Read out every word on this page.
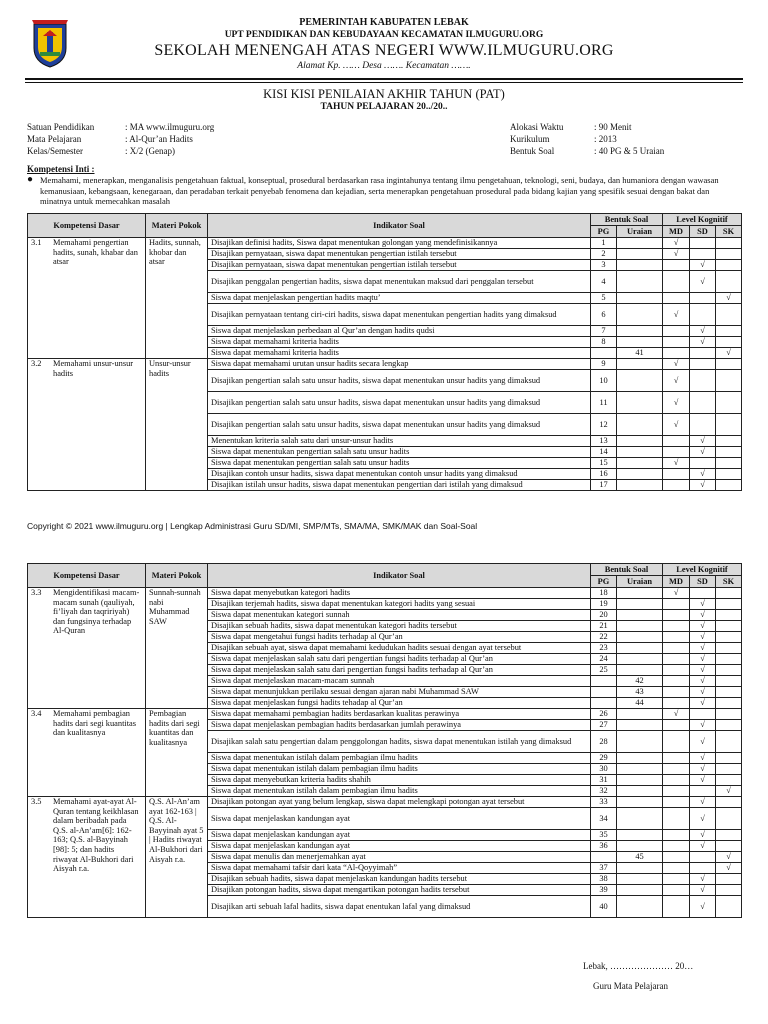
PEMERINTAH KABUPATEN LEBAK
UPT PENDIDIKAN DAN KEBUDAYAAN KECAMATAN ILMUGURU.ORG
SEKOLAH MENENGAH ATAS NEGERI WWW.ILMUGURU.ORG
Alamat Kp. …… Desa ……. Kecamatan …….
KISI KISI PENILAIAN AKHIR TAHUN (PAT)
TAHUN PELAJARAN 20../20..
Satuan Pendidikan	: MA www.ilmuguru.org
Mata Pelajaran	: Al-Qur’an Hadits
Kelas/Semester	: X/2 (Genap)
Alokasi Waktu	: 90 Menit
Kurikulum	: 2013
Bentuk Soal	: 40 PG & 5 Uraian
Kompetensi Inti :
● Memahami, menerapkan, menganalisis pengetahuan faktual, konseptual, prosedural berdasarkan rasa ingintahunya tentang ilmu pengetahuan, teknologi, seni, budaya, dan humaniora dengan wawasan kemanusiaan, kebangsaan, kenegaraan, dan peradaban terkait penyebab fenomena dan kejadian, serta menerapkan pengetahuan prosedural pada bidang kajian yang spesifik sesuai dengan bakat dan minatnya untuk memecahkan masalah
Kompetensi Dasar	Materi Pokok	Indikator Soal	Bentuk Soal		Level Kognitif		
			PG	Uraian	MD	SD	SK
3.1 Memahami pengertian hadits, sunah, khabar dan atsar	Hadits, sunnah, khobar dan atsar	Disajikan definisi hadits, Siswa dapat menentukan golongan yang mendefinisikannya	1		√		
		Disajikan pernyataan, siswa dapat menentukan pengertian istilah tersebut	2		√		
		Disajikan pernyataan, siswa dapat menentukan pengertian istilah tersebut	3			√	
		Disajikan penggalan pengertian hadits, siswa dapat menentukan maksud dari penggalan tersebut	4			√	
		Siswa dapat menjelaskan pengertian hadits maqtu’	5				√
		Disajikan pernyataan tentang ciri-ciri hadits, siswa dapat menentukan pengertian hadits yang dimaksud	6		√		
		Siswa dapat menjelaskan perbedaan al Qur’an dengan hadits qudsi	7			√	
		Siswa dapat memahami kriteria hadits	8			√	
		Siswa dapat memahami kriteria hadits		41			√
3.2 Memahami unsur-unsur hadits	Unsur-unsur hadits	Siswa dapat memahami urutan unsur hadits secara lengkap	9		√		
		Disajikan pengertian salah satu unsur hadits, siswa dapat menentukan unsur hadits yang dimaksud	10		√		
		Disajikan pengertian salah satu unsur hadits, siswa dapat menentukan unsur hadits yang dimaksud	11		√		
		Disajikan pengertian salah satu unsur hadits, siswa dapat menentukan unsur hadits yang dimaksud	12		√		
		Menentukan kriteria salah satu dari unsur-unsur hadits	13			√	
		Siswa dapat menentukan pengertian salah satu unsur hadits	14			√	
		Siswa dapat menentukan pengertian salah satu unsur hadits	15		√		
		Disajikan contoh unsur hadits, siswa dapat menentukan contoh unsur hadits yang dimaksud	16			√	
		Disajikan istilah unsur hadits, siswa dapat menentukan pengertian dari istilah yang dimaksud	17			√	
Copyright © 2021 www.ilmuguru.org | Lengkap Administrasi Guru SD/MI, SMP/MTs, SMA/MA, SMK/MAK dan Soal-Soal
Kompetensi Dasar	Materi Pokok	Indikator Soal	Bentuk Soal		Level Kognitif		
			PG	Uraian	MD	SD	SK
3.3 Mengidentifikasi macam-macam sunah (qauliyah, fi’liyah dan taqririyah) dan fungsinya terhadap Al-Quran	Sunnah-sunnah nabi Muhammad SAW	Siswa dapat menyebutkan kategori hadits	18		√		
		Disajikan terjemah hadits, siswa dapat menentukan kategori hadits yang sesuai	19			√	
		Siswa dapat menentukan kategori sunnah	20			√	
		Disajikan sebuah hadits, siswa dapat menentukan kategori hadits tersebut	21			√	
		Siswa dapat mengetahui fungsi hadits terhadap al Qur’an	22			√	
		Disajikan sebuah ayat, siswa dapat memahami kedudukan hadits sesuai dengan ayat tersebut	23			√	
		Siswa dapat menjelaskan salah satu dari pengertian fungsi hadits terhadap al Qur’an	24			√	
		Siswa dapat menjelaskan salah satu dari pengertian fungsi hadits terhadap al Qur’an	25			√	
		Siswa dapat menjelaskan macam-macam sunnah		42		√	
		Siswa dapat menunjukkan perilaku sesuai dengan ajaran nabi Muhammad SAW		43		√	
		Siswa dapat menjelaskan fungsi hadits tehadap al Qur’an		44		√	
3.4 Memahami pembagian hadits dari segi kuantitas dan kualitasnya	Pembagian hadits dari segi kuantitas dan kualitasnya	Siswa dapat memahami pembagian hadits berdasarkan kualitas perawinya	26		√		
		Siswa dapat menjelaskan pembagian hadits berdasarkan jumlah perawinya	27			√	
		Disajikan salah satu pengertian dalam penggolongan hadits, siswa dapat menentukan istilah yang dimaksud	28			√	
		Siswa dapat menentukan istilah dalam pembagian ilmu hadits	29			√	
		Siswa dapat menentukan istilah dalam pembagian ilmu hadits	30			√	
		Siswa dapat menyebutkan kriteria hadits shahih	31			√	
		Siswa dapat menentukan istilah dalam pembagian ilmu hadits	32				√
3.5 Memahami ayat-ayat Al-Quran tentang keikhlasan dalam beribadah pada Q.S. al-An’am[6]: 162-163; Q.S. al-Bayyinah [98]: 5; dan hadits riwayat Al-Bukhori dari Aisyah r.a.	Q.S. Al-An’am ayat 162-163 | Q.S. Al-Bayyinah ayat 5 | Hadits riwayat Al-Bukhori dari Aisyah r.a.	Disajikan potongan ayat yang belum lengkap, siswa dapat melengkapi potongan ayat tersebut	33			√	
		Siswa dapat menjelaskan kandungan ayat	34			√	
		Siswa dapat menjelaskan kandungan ayat	35			√	
		Siswa dapat menjelaskan kandungan ayat	36			√	
		Siswa dapat menulis dan menerjemahkan ayat		45			√
		Siswa dapat memahami tafsir dari kata “Al-Qoyyimah”	37				√
		Disajikan sebuah hadits, siswa dapat menjelaskan kandungan hadits tersebut	38			√	
		Disajikan potongan hadits, siswa dapat mengartikan potongan hadits tersebut	39			√	
		Disajikan arti sebuah lafal hadits, siswa dapat enentukan lafal yang dimaksud	40			√	
Lebak, ………………… 20…
Guru Mata Pelajaran
